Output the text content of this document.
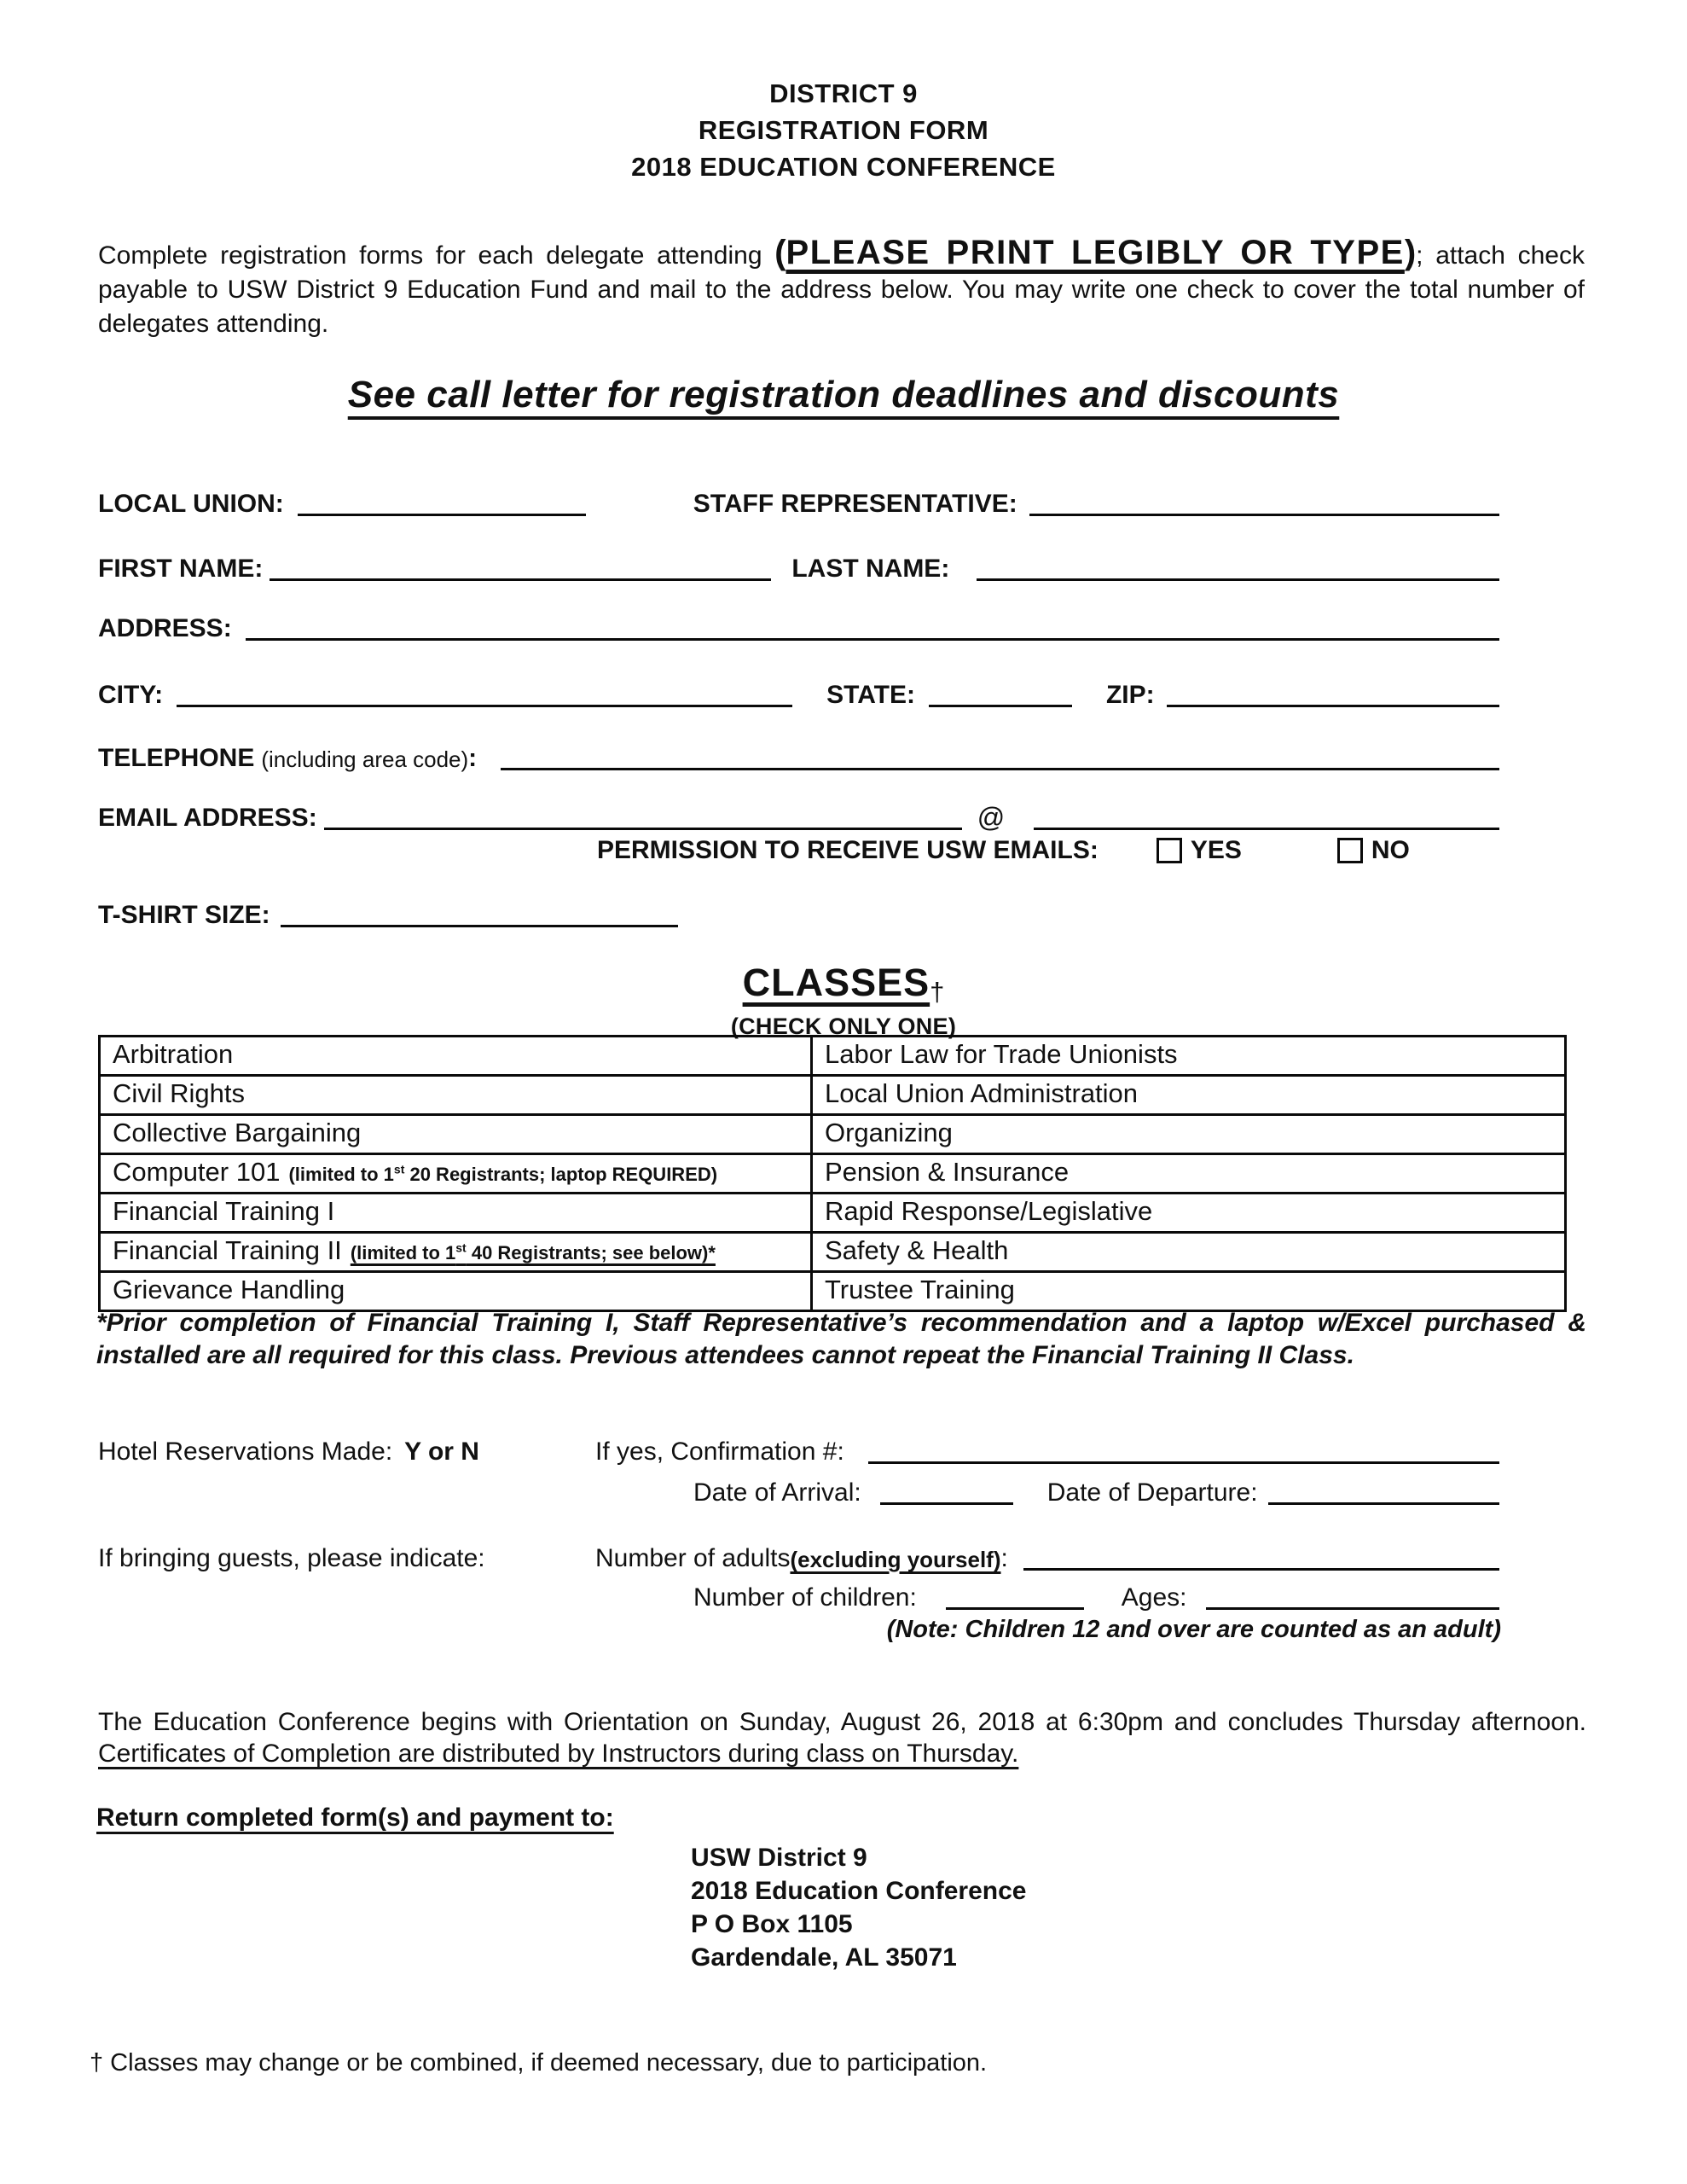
DISTRICT 9
REGISTRATION FORM
2018 EDUCATION CONFERENCE

Complete registration forms for each delegate attending (PLEASE PRINT LEGIBLY OR TYPE); attach check payable to USW District 9 Education Fund and mail to the address below. You may write one check to cover the total number of delegates attending.

See call letter for registration deadlines and discounts
LOCAL UNION:	STAFF REPRESENTATIVE:
FIRST NAME:	LAST NAME:
ADDRESS:
CITY:	STATE:	ZIP:
TELEPHONE (including area code) :
EMAIL ADDRESS:	@
PERMISSION TO RECEIVE USW EMAILS:	YES	NO
T-SHIRT SIZE:
CLASSES†
(CHECK ONLY ONE)
Arbitration	Labor Law for Trade Unionists
Civil Rights	Local Union Administration
Collective Bargaining	Organizing
Computer 101 (limited to 1st 20 Registrants; laptop REQUIRED)	Pension & Insurance
Financial Training I	Rapid Response/Legislative
Financial Training II (limited to 1st 40 Registrants; see below)*	Safety & Health
Grievance Handling	Trustee Training
*Prior completion of Financial Training I, Staff Representative’s recommendation and a laptop w/Excel purchased & installed are all required for this class. Previous attendees cannot repeat the Financial Training II Class.
Hotel Reservations Made: Y or N	If yes, Confirmation #:
Date of Arrival:	Date of Departure:
If bringing guests, please indicate:	Number of adults (excluding yourself) :
Number of children:	Ages:
(Note: Children 12 and over are counted as an adult)

The Education Conference begins with Orientation on Sunday, August 26, 2018 at 6:30pm and concludes Thursday afternoon. Certificates of Completion are distributed by Instructors during class on Thursday.

Return completed form(s) and payment to:
USW District 9
2018 Education Conference
P O Box 1105
Gardendale, AL 35071
† Classes may change or be combined, if deemed necessary, due to participation.
